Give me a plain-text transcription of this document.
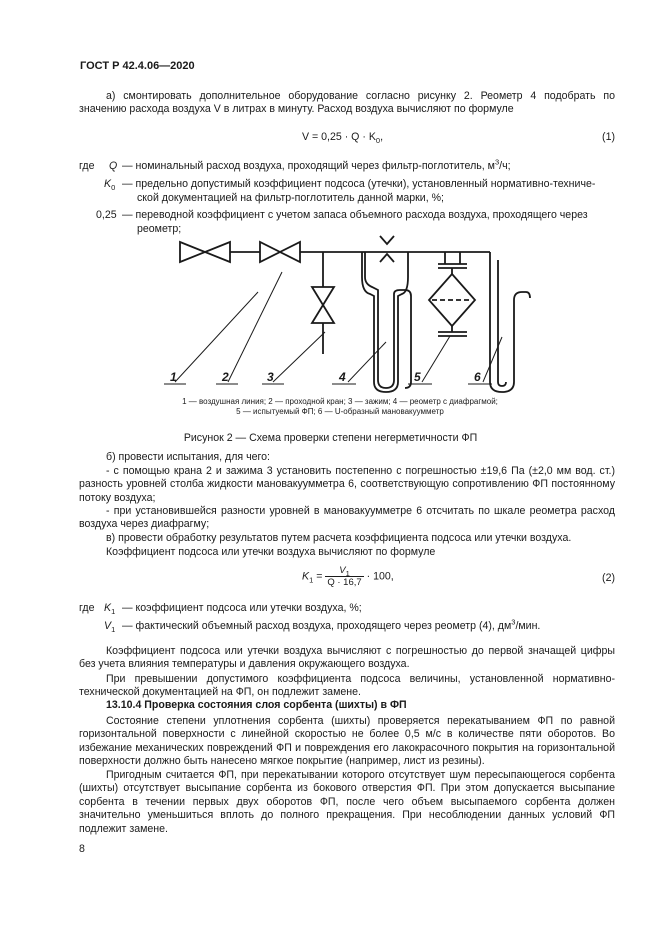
ГОСТ Р 42.4.06—2020
а) смонтировать дополнительное оборудование согласно рисунку 2. Реометр 4 подобрать по значению расхода воздуха V в литрах в минуту. Расход воздуха вычисляют по формуле
$V = 0,25 \cdot Q \cdot K_0$,	(1)
где Q — номинальный расход воздуха, проходящий через фильтр-поглотитель, $м^3/ч$;
$K_0$ — предельно допустимый коэффициент подсоса (утечки), установленный нормативно-техниче-
ской документацией на фильтр-поглотитель данной марки, %;
0,25 — переводной коэффициент с учетом запаса объемного расхода воздуха, проходящего через
реометр;
1	2	3	4	5	6
1 — воздушная линия; 2 — проходной кран; 3 — зажим; 4 — реометр с диафрагмой;
5 — испытуемый ФП; 6 — U-образный мановакуумметр
Рисунок 2 — Схема проверки степени негерметичности ФП
б) провести испытания, для чего:
- с помощью крана 2 и зажима 3 установить постепенно с погрешностью ±19,6 Па (±2,0 мм вод. ст.) разность уровней столба жидкости мановакуумметра 6, соответствующую сопротивлению ФП постоянному потоку воздуха;
- при установившейся разности уровней в мановакуумметре 6 отсчитать по шкале реометра расход воздуха через диафрагму;
в) провести обработку результатов путем расчета коэффициента подсоса или утечки воздуха.
Коэффициент подсоса или утечки воздуха вычисляют по формуле
$K_1 = \frac{V_1}{Q \cdot 16,7} \cdot 100$,	(2)
где $K_1$ — коэффициент подсоса или утечки воздуха, %;
$V_1$ — фактический объемный расход воздуха, проходящего через реометр (4), $дм^3$/мин.
Коэффициент подсоса или утечки воздуха вычисляют с погрешностью до первой значащей цифры без учета влияния температуры и давления окружающего воздуха.
При превышении допустимого коэффициента подсоса величины, установленной нормативно-технической документацией на ФП, он подлежит замене.
13.10.4 Проверка состояния слоя сорбента (шихты) в ФП
Состояние степени уплотнения сорбента (шихты) проверяется перекатыванием ФП по равной горизонтальной поверхности с линейной скоростью не более 0,5 м/с в количестве пяти оборотов. Во избежание механических повреждений ФП и повреждения его лакокрасочного покрытия на горизонтальной поверхности должно быть нанесено мягкое покрытие (например, лист из резины).
Пригодным считается ФП, при перекатывании которого отсутствует шум пересыпающегося сорбента (шихты) отсутствует высыпание сорбента из бокового отверстия ФП. При этом допускается высыпание сорбента в течении первых двух оборотов ФП, после чего объем высыпаемого сорбента должен значительно уменьшиться вплоть до полного прекращения. При несоблюдении данных условий ФП подлежит замене.
8
